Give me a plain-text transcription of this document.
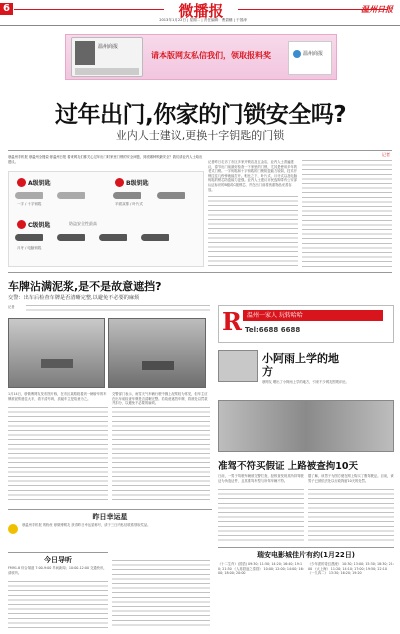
6	微播报
2013年1月22日 | 星期二 | 责任编辑：曹碧穗 | 于国涛
温州日报
温州商报
请本版网友私信我们，领取报料奖	温州商报
过年出门,你家的门锁安全吗?
业内人士建议,更换十字钥匙的门锁
@温州手机报 @温州全搜索 @温州日报 看来网友们都关心过年出门时家里门锁的安全问题，到底哪种锁最安全？我们请业内人士给出建议。
A级钥匙
一字 / 十字钥匙
B级钥匙
平面双排 / 叶片式
C级钥匙	防盗安全性最高
月牙 / 电脑钥匙
记者
记者昨日走访了市区多家开锁店及五金店，业内人士普遍建议，春节出门前最好检查一下家里的门锁，尤其是使用多年的老式门锁。一字钥匙和十字钥匙的门锁防盗能力较弱，技术开锁往往几秒钟就能打开。相比之下，叶片式、月牙式以及电脑钥匙的锁芯防盗能力更强。业内人士建议市民选购带有公安部认证标识的B级或C级锁芯，并在出门前将贵重物品妥善存放。
车牌沾满泥浆,是不是故意遮挡?
交警：出车后检查车牌是否清晰完整,以避免不必要的麻烦
记者
1月14日，@微博网友发布图片称，在市区某路段看到一辆轿车的车牌被泥浆遮住大半，看不清号码，质疑车主是故意为之。
交警部门表示，雨雪天气车辆行驶中溅上泥浆较为常见，但车主应在出车前检查车牌是否清晰完整。若故意遮挡车牌，将被处以罚款并扣分，以避免不必要的麻烦。
R 温州一家人 玩转哈哈
Tel:6688 6688
小阿雨上学的地方
@网友 晒出了小阿雨上学的地方，引来不少网友围观评论。
准驾不符买假证 上路被查拘10天
日前，一男子驾驶车辆被交警拦查，经核查发现其所持驾驶证为伪造证件，且其准驾车型与所驾车辆不符。
据了解，该男子为图方便在网上购买了假驾驶证。目前，该男子已被依法处以行政拘留10天的处罚。
昨日幸运星
@温州手机报 的粉丝 @微博网友 获得昨日幸运星称号，请于三日内私信联系领取奖品。
今日导听
FM91.8 综合频道 7:00-9:00 早间新闻；10:00-12:00 交通快讯，请收听。
瑞安电影城佳片有约(1月22日)
《十二生肖》(国语) 09:30; 11:50; 14:20; 16:40; 19:10; 21:30 《人再囧途之泰囧》 10:00; 12:00; 14:00; 16:00; 18:00; 20:00
《少年派的奇幻漂流》 10:30; 13:00; 15:30; 18:30; 21:00 《大上海》 11:20; 14:10; 17:00; 19:50; 22:10 《一九四二》 13:30; 16:20; 19:20
